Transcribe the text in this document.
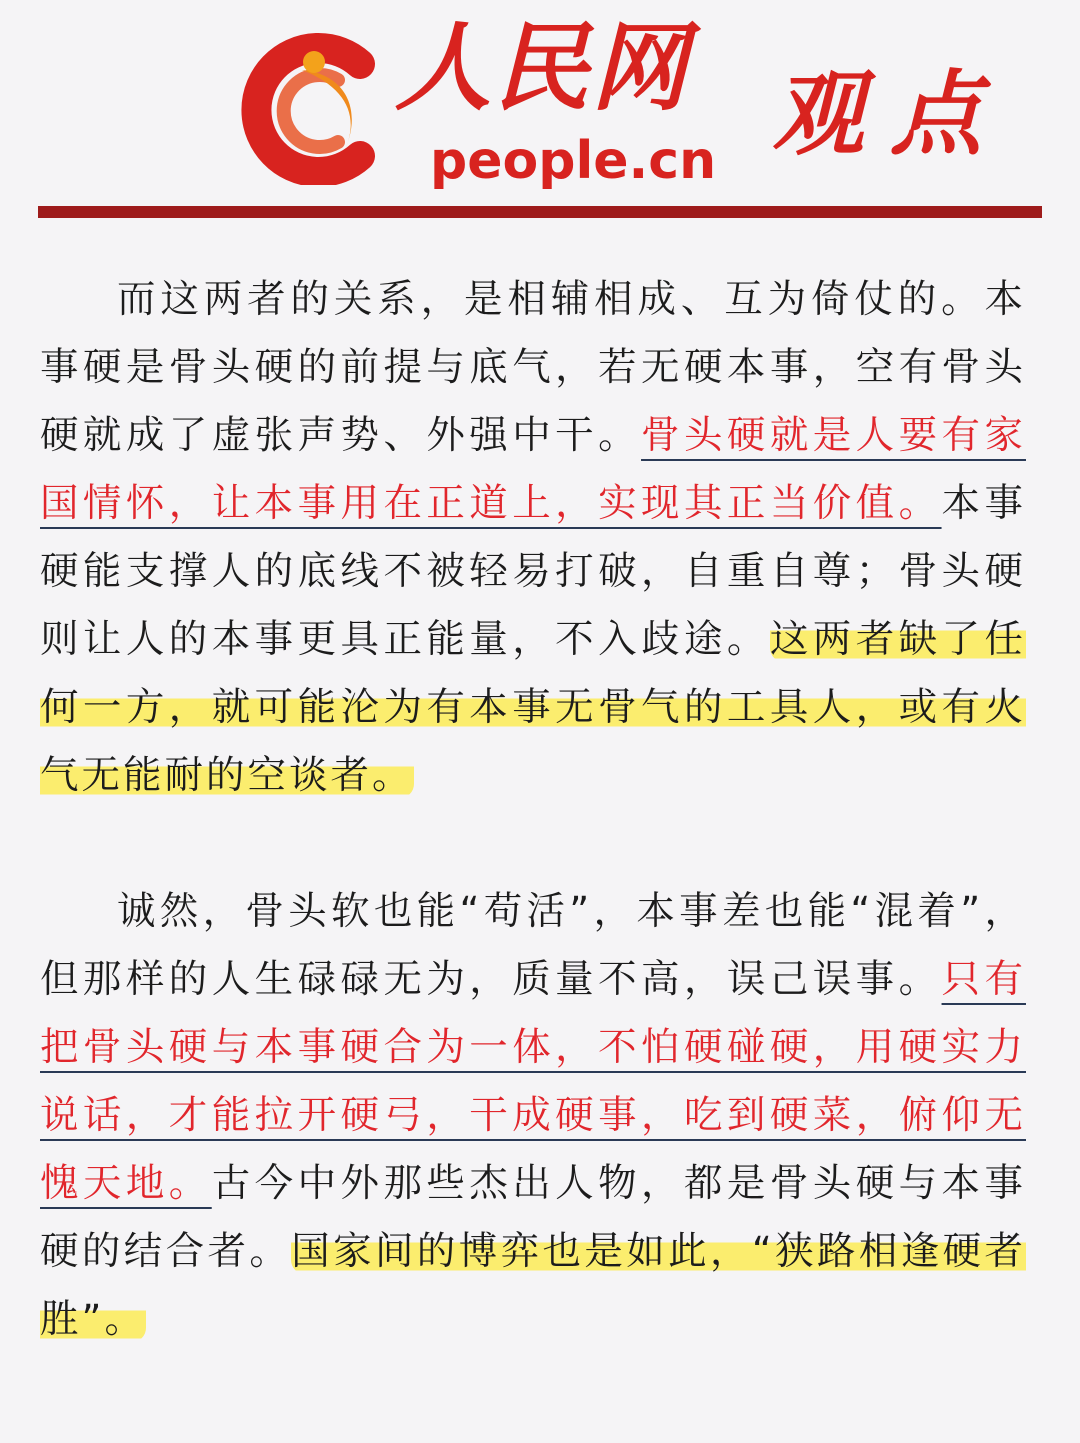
人民网
people.cn 观点

而这两者的关系，是相辅相成、互为倚仗的。本事硬是骨头硬的前提与底气，若无硬本事，空有骨头硬就成了虚张声势、外强中干。骨头硬就是人要有家国情怀，让本事用在正道上，实现其正当价值。本事硬能支撑人的底线不被轻易打破，自重自尊；骨头硬则让人的本事更具正能量，不入歧途。这两者缺了任何一方，就可能沦为有本事无骨气的工具人，或有火气无能耐的空谈者。

诚然，骨头软也能“苟活”，本事差也能“混着”，但那样的人生碌碌无为，质量不高，误己误事。只有把骨头硬与本事硬合为一体，不怕硬碰硬，用硬实力说话，才能拉开硬弓，干成硬事，吃到硬菜，俯仰无愧天地。古今中外那些杰出人物，都是骨头硬与本事硬的结合者。国家间的博弈也是如此，“狭路相逢硬者胜”。
